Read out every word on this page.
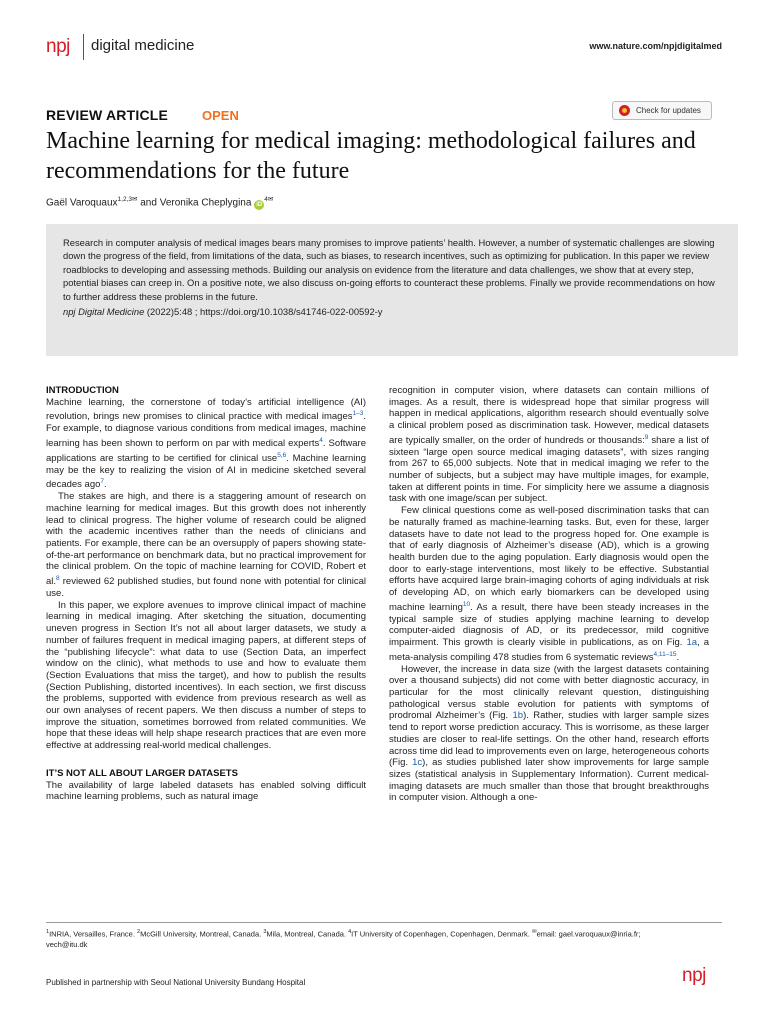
npj digital medicine	www.nature.com/npjdigitalmed
REVIEW ARTICLE	OPEN	Check for updates
Machine learning for medical imaging: methodological failures and recommendations for the future
Gaël Varoquaux$^{1,2,3✉}$ and Veronika Cheplygina $iD^{4✉}$

Research in computer analysis of medical images bears many promises to improve patients’ health. However, a number of systematic challenges are slowing down the progress of the field, from limitations of the data, such as biases, to research incentives, such as optimizing for publication. In this paper we review roadblocks to developing and assessing methods. Building our analysis on evidence from the literature and data challenges, we show that at every step, potential biases can creep in. On a positive note, we also discuss on-going efforts to counteract these problems. Finally we provide recommendations on how to further address these problems in the future.

npj Digital Medicine (2022)5:48 ; https://doi.org/10.1038/s41746-022-00592-y

INTRODUCTION

Machine learning, the cornerstone of today’s artificial intelligence (AI) revolution, brings new promises to clinical practice with medical images$^{1-3}$. For example, to diagnose various conditions from medical images, machine learning has been shown to perform on par with medical experts$^4$. Software applications are starting to be certified for clinical use$^{5,6}$. Machine learning may be the key to realizing the vision of AI in medicine sketched several decades ago$^7$.

The stakes are high, and there is a staggering amount of research on machine learning for medical images. But this growth does not inherently lead to clinical progress. The higher volume of research could be aligned with the academic incentives rather than the needs of clinicians and patients. For example, there can be an oversupply of papers showing state-of-the-art performance on benchmark data, but no practical improvement for the clinical problem. On the topic of machine learning for COVID, Robert et al.$^8$ reviewed 62 published studies, but found none with potential for clinical use.

In this paper, we explore avenues to improve clinical impact of machine learning in medical imaging. After sketching the situation, documenting uneven progress in Section It’s not all about larger datasets, we study a number of failures frequent in medical imaging papers, at different steps of the “publishing lifecycle”: what data to use (Section Data, an imperfect window on the clinic), what methods to use and how to evaluate them (Section Evaluations that miss the target), and how to publish the results (Section Publishing, distorted incentives). In each section, we first discuss the problems, supported with evidence from previous research as well as our own analyses of recent papers. We then discuss a number of steps to improve the situation, sometimes borrowed from related communities. We hope that these ideas will help shape research practices that are even more effective at addressing real-world medical challenges.

IT’S NOT ALL ABOUT LARGER DATASETS

The availability of large labeled datasets has enabled solving difficult machine learning problems, such as natural image

recognition in computer vision, where datasets can contain millions of images. As a result, there is widespread hope that similar progress will happen in medical applications, algorithm research should eventually solve a clinical problem posed as discrimination task. However, medical datasets are typically smaller, on the order of hundreds or thousands:$^9$ share a list of sixteen “large open source medical imaging datasets”, with sizes ranging from 267 to 65,000 subjects. Note that in medical imaging we refer to the number of subjects, but a subject may have multiple images, for example, taken at different points in time. For simplicity here we assume a diagnosis task with one image/scan per subject.

Few clinical questions come as well-posed discrimination tasks that can be naturally framed as machine-learning tasks. But, even for these, larger datasets have to date not lead to the progress hoped for. One example is that of early diagnosis of Alzheimer’s disease (AD), which is a growing health burden due to the aging population. Early diagnosis would open the door to early-stage interventions, most likely to be effective. Substantial efforts have acquired large brain-imaging cohorts of aging individuals at risk of developing AD, on which early biomarkers can be developed using machine learning$^{10}$. As a result, there have been steady increases in the typical sample size of studies applying machine learning to develop computer-aided diagnosis of AD, or its predecessor, mild cognitive impairment. This growth is clearly visible in publications, as on Fig. 1a, a meta-analysis compiling 478 studies from 6 systematic reviews$^{4,11-15}$.

However, the increase in data size (with the largest datasets containing over a thousand subjects) did not come with better diagnostic accuracy, in particular for the most clinically relevant question, distinguishing pathological versus stable evolution for patients with symptoms of prodromal Alzheimer’s (Fig. 1b). Rather, studies with larger sample sizes tend to report worse prediction accuracy. This is worrisome, as these larger studies are closer to real-life settings. On the other hand, research efforts across time did lead to improvements even on large, heterogeneous cohorts (Fig. 1c), as studies published later show improvements for large sample sizes (statistical analysis in Supplementary Information). Current medical-imaging datasets are much smaller than those that brought breakthroughs in computer vision. Although a one-

$^1$INRIA, Versailles, France. $^2$McGill University, Montreal, Canada. $^3$Mila, Montreal, Canada. $^4$IT University of Copenhagen, Copenhagen, Denmark. ✉email: gael.varoquaux@inria.fr;
vech@itu.dk
Published in partnership with Seoul National University Bundang Hospital	npj
